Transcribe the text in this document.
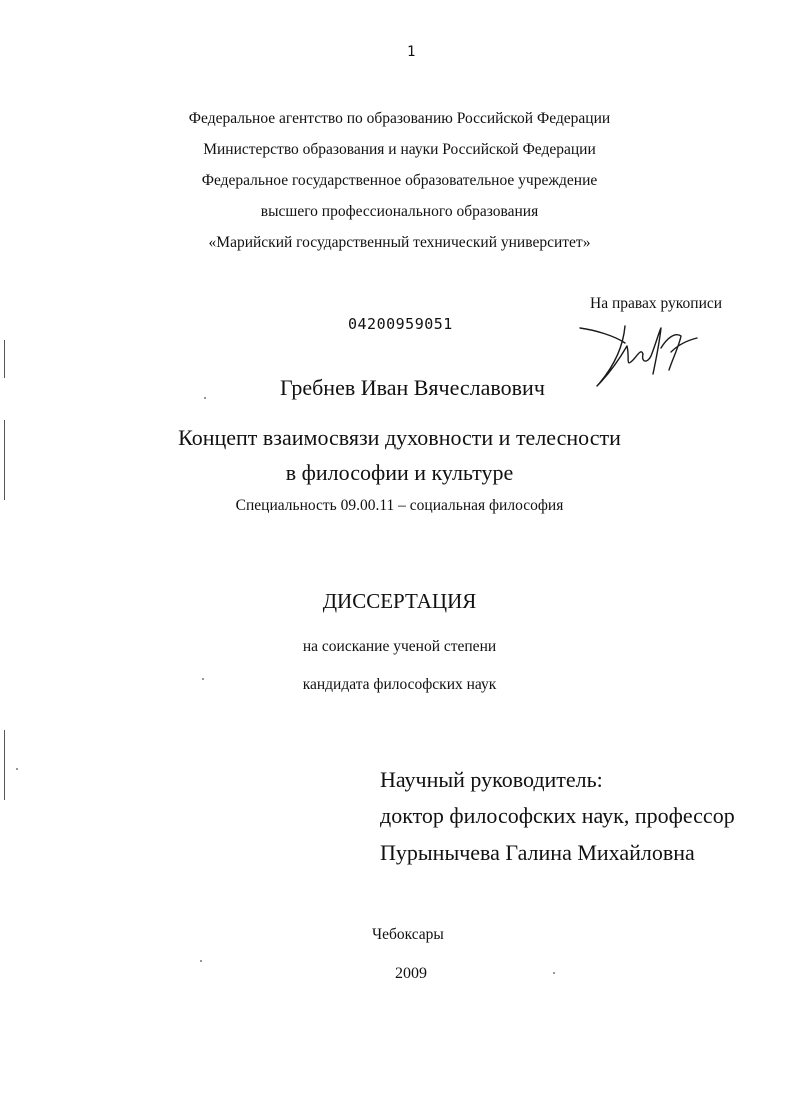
1
Федеральное агентство по образованию Российской Федерации
Министерство образования и науки Российской Федерации
Федеральное государственное образовательное учреждение
высшего профессионального образования
«Марийский государственный технический университет»
На правах рукописи
04200959051
Гребнев Иван Вячеславович
Концепт взаимосвязи духовности и телесности
в философии и культуре
Специальность 09.00.11 – социальная философия
ДИССЕРТАЦИЯ
на соискание ученой степени
кандидата философских наук
Научный руководитель:
доктор философских наук, профессор
Пурынычева Галина Михайловна
Чебоксары
2009
